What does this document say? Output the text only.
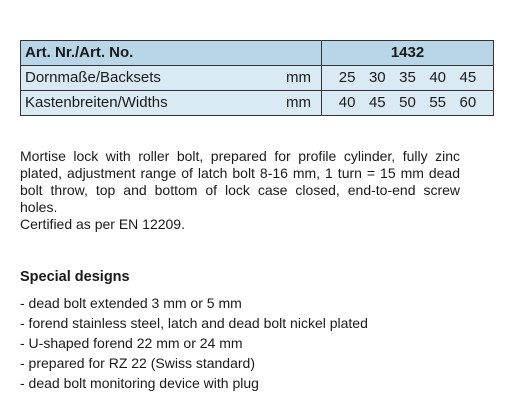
Art. Nr./Art. No.	1432

Dornmaße/Backsets mm	25 30 35 40 45

Kastenbreiten/Widths mm	40 45 50 55 60

Mortise lock with roller bolt, prepared for profile cylinder, fully zinc plated, adjustment range of latch bolt 8-16 mm, 1 turn = 15 mm dead bolt throw, top and bottom of lock case closed, end-to-end screw holes.

Certified as per EN 12209.

Special designs
- dead bolt extended 3 mm or 5 mm
- forend stainless steel, latch and dead bolt nickel plated
- U-shaped forend 22 mm or 24 mm
- prepared for RZ 22 (Swiss standard)
- dead bolt monitoring device with plug
